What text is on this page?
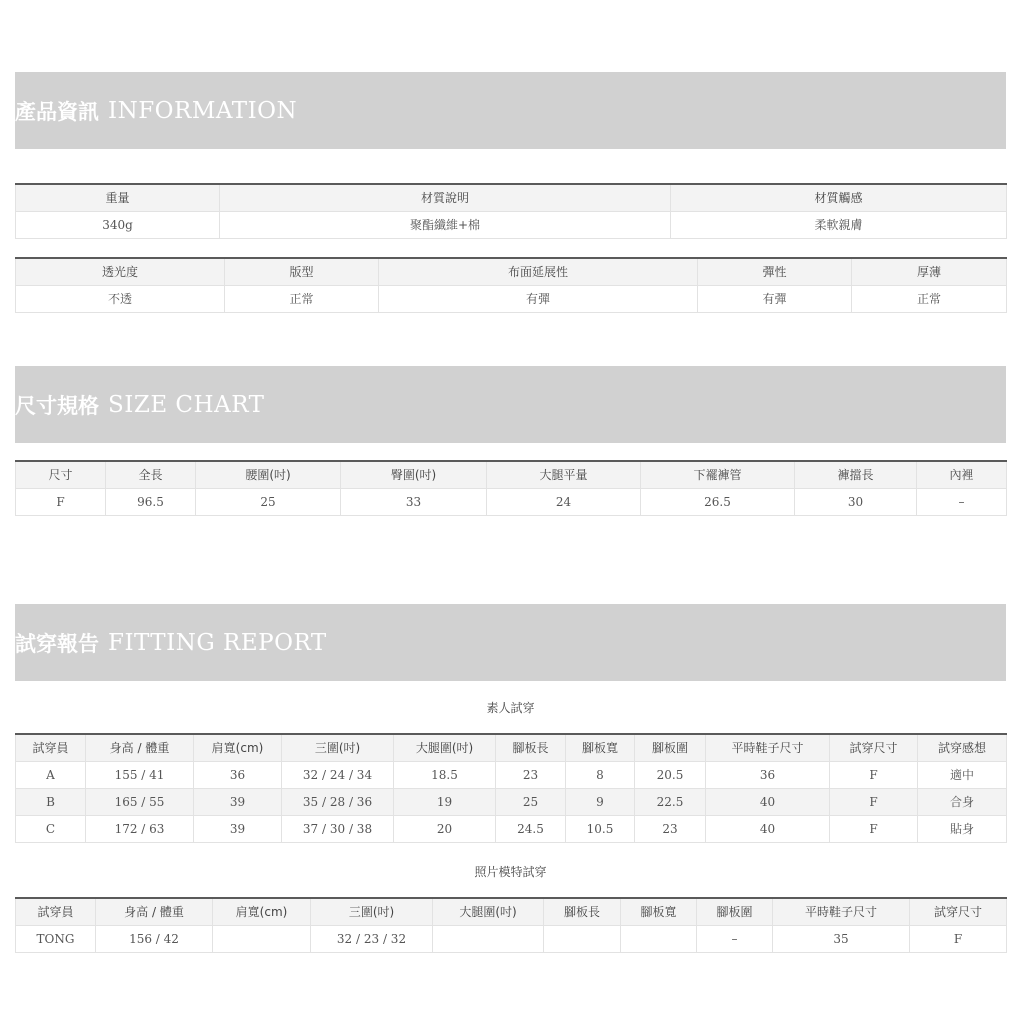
產品資訊 INFORMATION
重量	材質說明	材質觸感
340g	聚酯纖維+棉	柔軟親膚
透光度	版型	布面延展性	彈性	厚薄
不透	正常	有彈	有彈	正常
尺寸規格 SIZE CHART
尺寸	全長	腰圍(吋)	臀圍(吋)	大腿平量	下襬褲管	褲擋長	內裡
F	96.5	25	33	24	26.5	30	–
試穿報告 FITTING REPORT
素人試穿
試穿員	身高 / 體重	肩寬(cm)	三圍(吋)	大腿圍(吋)	腳板長	腳板寬	腳板圍	平時鞋子尺寸	試穿尺寸	試穿感想
A	155 / 41	36	32 / 24 / 34	18.5	23	8	20.5	36	F	適中
B	165 / 55	39	35 / 28 / 36	19	25	9	22.5	40	F	合身
C	172 / 63	39	37 / 30 / 38	20	24.5	10.5	23	40	F	貼身
照片模特試穿
試穿員	身高 / 體重	肩寬(cm)	三圍(吋)	大腿圍(吋)	腳板長	腳板寬	腳板圍	平時鞋子尺寸	試穿尺寸
TONG	156 / 42		32 / 23 / 32				–	35	F
